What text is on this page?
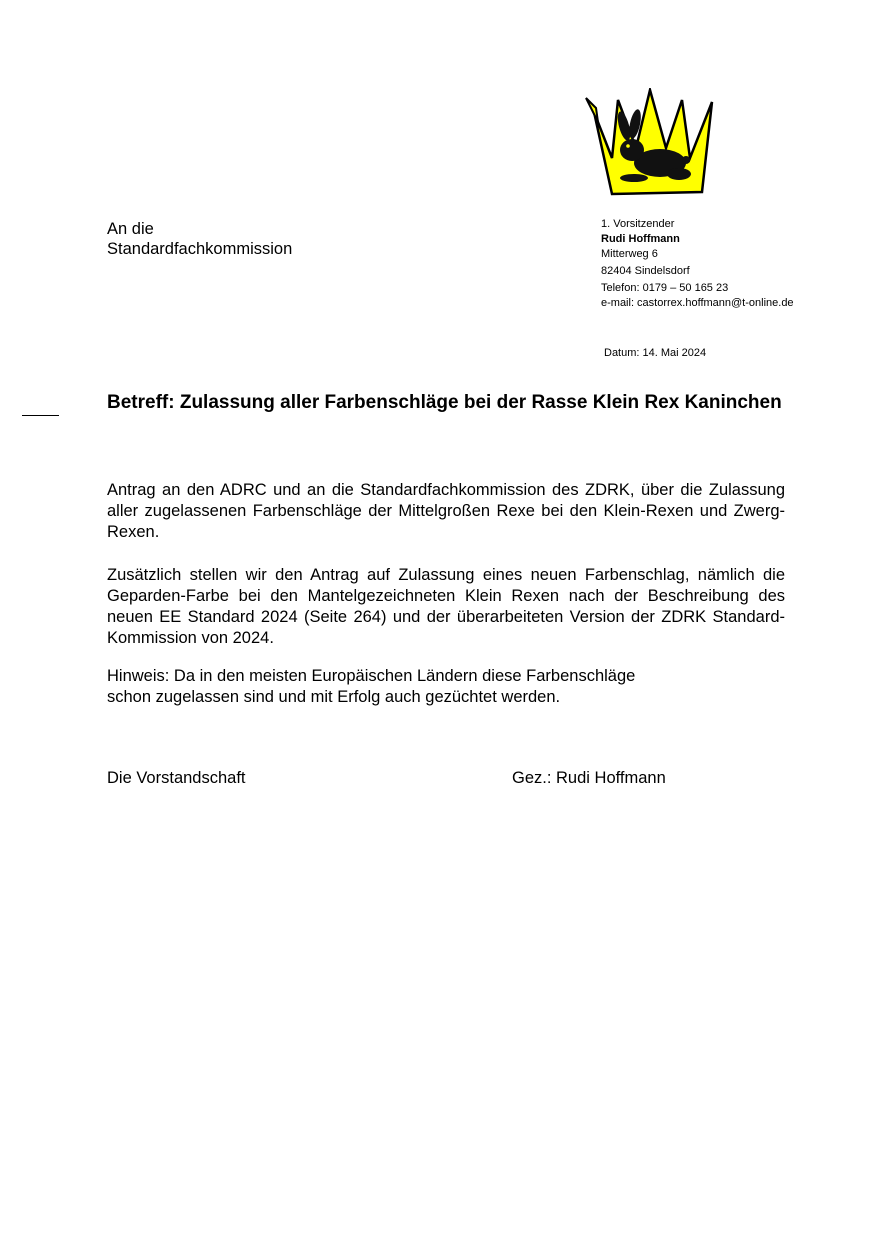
An die
Standardfachkommission
1. Vorsitzender
Rudi Hoffmann
Mitterweg 6
82404 Sindelsdorf
Telefon: 0179 – 50 165 23
e-mail: castorrex.hoffmann@t-online.de
Datum: 14. Mai 2024
Betreff: Zulassung aller Farbenschläge bei der Rasse Klein Rex Kaninchen
Antrag an den ADRC und an die Standardfachkommission des ZDRK, über die Zulassung aller zugelassenen Farbenschläge der Mittelgroßen Rexe bei den Klein-Rexen und Zwerg-Rexen.
Zusätzlich stellen wir den Antrag auf Zulassung eines neuen Farbenschlag, nämlich die Geparden-Farbe bei den Mantelgezeichneten Klein Rexen nach der Beschreibung des neuen EE Standard 2024 (Seite 264) und der überarbeiteten Version der ZDRK Standard-Kommission von 2024.
Hinweis: Da in den meisten Europäischen Ländern diese Farbenschläge
schon zugelassen sind und mit Erfolg auch gezüchtet werden.
Die Vorstandschaft	Gez.: Rudi Hoffmann
